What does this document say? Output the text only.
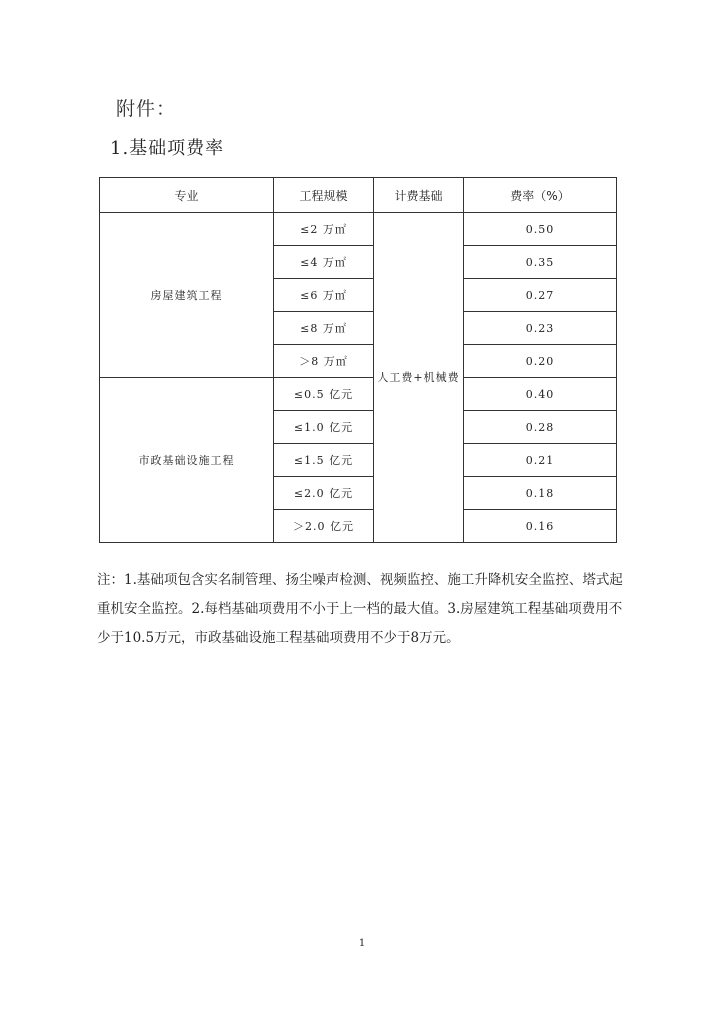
附件：
1.基础项费率
专业	工程规模	计费基础	费率（%）
房屋建筑工程	≤2 万㎡	人工费+机械费	0.50
	≤4 万㎡		0.35
	≤6 万㎡		0.27
	≤8 万㎡		0.23
	＞8 万㎡		0.20
市政基础设施工程	≤0.5 亿元		0.40
	≤1.0 亿元		0.28
	≤1.5 亿元		0.21
	≤2.0 亿元		0.18
	＞2.0 亿元		0.16
注：1.基础项包含实名制管理、扬尘噪声检测、视频监控、施工升降机安全监控、塔式起重机安全监控。2.每档基础项费用不小于上一档的最大值。3.房屋建筑工程基础项费用不少于10.5万元，市政基础设施工程基础项费用不少于8万元。
1
